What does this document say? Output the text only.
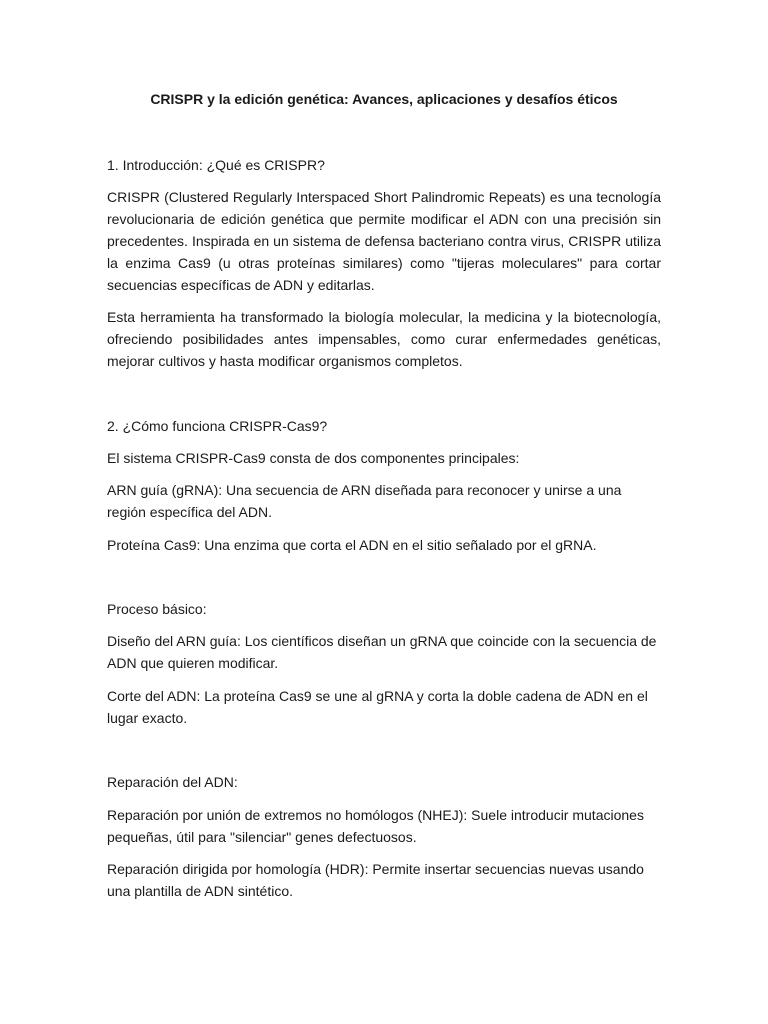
CRISPR y la edición genética: Avances, aplicaciones y desafíos éticos

1. Introducción: ¿Qué es CRISPR?

CRISPR (Clustered Regularly Interspaced Short Palindromic Repeats) es una tecnología revolucionaria de edición genética que permite modificar el ADN con una precisión sin precedentes. Inspirada en un sistema de defensa bacteriano contra virus, CRISPR utiliza la enzima Cas9 (u otras proteínas similares) como "tijeras moleculares" para cortar secuencias específicas de ADN y editarlas.

Esta herramienta ha transformado la biología molecular, la medicina y la biotecnología, ofreciendo posibilidades antes impensables, como curar enfermedades genéticas, mejorar cultivos y hasta modificar organismos completos.

2. ¿Cómo funciona CRISPR-Cas9?

El sistema CRISPR-Cas9 consta de dos componentes principales:

ARN guía (gRNA): Una secuencia de ARN diseñada para reconocer y unirse a una región específica del ADN.

Proteína Cas9: Una enzima que corta el ADN en el sitio señalado por el gRNA.

Proceso básico:

Diseño del ARN guía: Los científicos diseñan un gRNA que coincide con la secuencia de ADN que quieren modificar.

Corte del ADN: La proteína Cas9 se une al gRNA y corta la doble cadena de ADN en el lugar exacto.

Reparación del ADN:

Reparación por unión de extremos no homólogos (NHEJ): Suele introducir mutaciones pequeñas, útil para "silenciar" genes defectuosos.

Reparación dirigida por homología (HDR): Permite insertar secuencias nuevas usando una plantilla de ADN sintético.
